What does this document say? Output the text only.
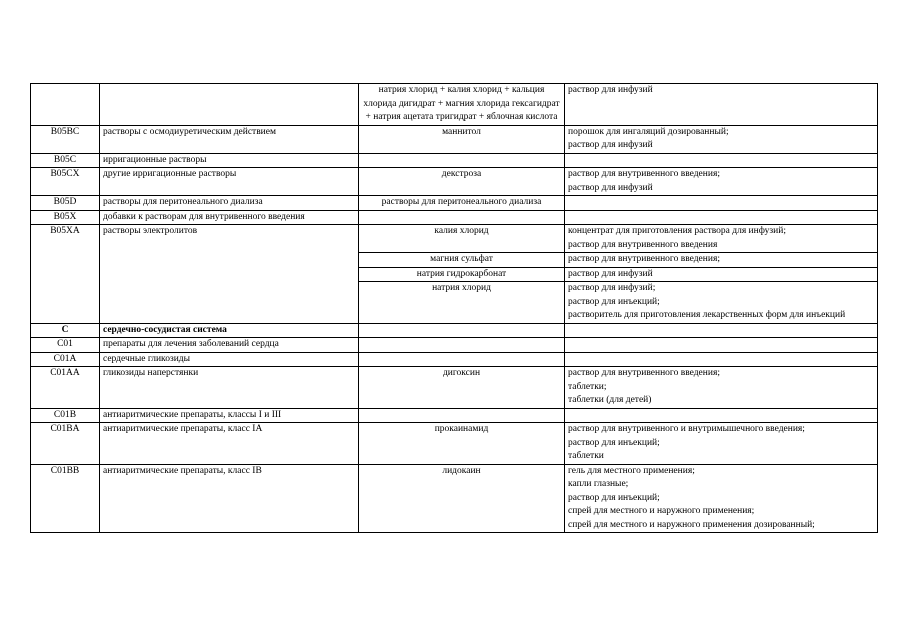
		натрия хлорид + калия хлорид + кальция хлорида дигидрат + магния хлорида гексагидрат + натрия ацетата тригидрат + яблочная кислота	раствор для инфузий

B05BC	растворы с осмодиуретическим действием	маннитол	порошок для ингаляций дозированный;
раствор для инфузий

B05C	ирригационные растворы		
B05CX	другие ирригационные растворы	декстроза	раствор для внутривенного введения;
раствор для инфузий

B05D	растворы для перитонеального диализа	растворы для перитонеального диализа	
B05X	добавки к растворам для внутривенного введения		
B05XA	растворы электролитов	калия хлорид	концентрат для приготовления раствора для инфузий;
раствор для внутривенного введения

		магния сульфат	раствор для внутривенного введения;

		натрия гидрокарбонат	раствор для инфузий

		натрия хлорид	раствор для инфузий;
раствор для инъекций;
растворитель для приготовления лекарственных форм для инъекций

C	сердечно-сосудистая система		
C01	препараты для лечения заболеваний сердца		
C01A	сердечные гликозиды		
C01AA	гликозиды наперстянки	дигоксин	раствор для внутривенного введения;
таблетки;
таблетки (для детей)

C01B	антиаритмические препараты, классы I и III		
C01BA	антиаритмические препараты, класс IA	прокаинамид	раствор для внутривенного и внутримышечного введения;
раствор для инъекций;
таблетки

C01BB	антиаритмические препараты, класс IB	лидокаин	гель для местного применения;
капли глазные;
раствор для инъекций;
спрей для местного и наружного применения;
спрей для местного и наружного применения дозированный;
